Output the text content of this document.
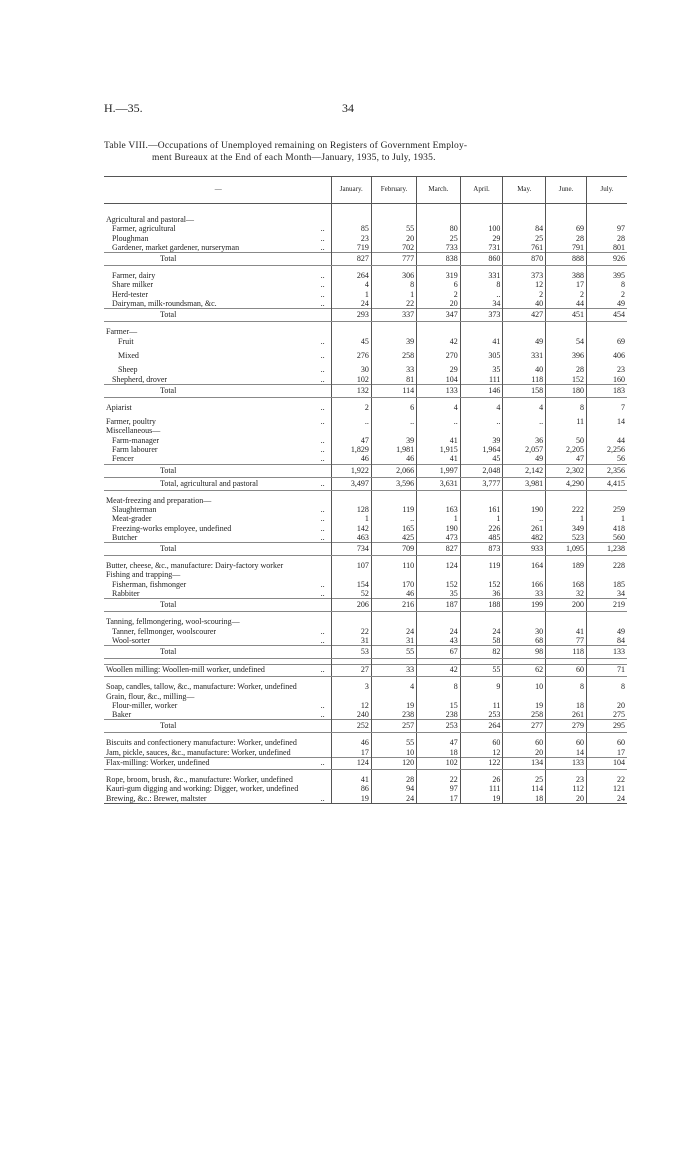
H.—35.	34
Table VIII.—Occupations of Unemployed remaining on Registers of Government Employ-
ment Bureaux at the End of each Month—January, 1935, to July, 1935.
—	January.	February.	March.	April.	May.	June.	July.

Agricultural and pastoral—							
Farmer, agricultural ..	85	55	80	100	84	69	97
Ploughman ..	23	20	25	29	25	28	28
Gardener, market gardener, nurseryman ..	719	702	733	731	761	791	801
Total	827	777	838	860	870	888	926

Farmer, dairy ..	264	306	319	331	373	388	395
Share milker ..	4	8	6	8	12	17	8
Herd-tester ..	1	1	2	..	2	2	2
Dairyman, milk-roundsman, &c. ..	24	22	20	34	40	44	49
Total	293	337	347	373	427	451	454

Farmer—							
Fruit ..	45	39	42	41	49	54	69

Mixed ..	276	258	270	305	331	396	406

Sheep ..	30	33	29	35	40	28	23
Shepherd, drover ..	102	81	104	111	118	152	160
Total	132	114	133	146	158	180	183

Apiarist ..	2	6	4	4	4	8	7

Farmer, poultry ..	..	..	..	..	..	11	14
Miscellaneous—							
Farm-manager ..	47	39	41	39	36	50	44
Farm labourer ..	1,829	1,981	1,915	1,964	2,057	2,205	2,256
Fencer ..	46	46	41	45	49	47	56
Total	1,922	2,066	1,997	2,048	2,142	2,302	2,356
Total, agricultural and pastoral ..	3,497	3,596	3,631	3,777	3,981	4,290	4,415

Meat-freezing and preparation—							
Slaughterman ..	128	119	163	161	190	222	259
Meat-grader ..	1	..	1	1	..	1	1
Freezing-works employee, undefined ..	142	165	190	226	261	349	418
Butcher ..	463	425	473	485	482	523	560
Total	734	709	827	873	933	1,095	1,238

Butter, cheese, &c., manufacture: Dairy-factory worker	107	110	124	119	164	189	228
Fishing and trapping—							
Fisherman, fishmonger ..	154	170	152	152	166	168	185
Rabbiter ..	52	46	35	36	33	32	34
Total	206	216	187	188	199	200	219

Tanning, fellmongering, wool-scouring—							
Tanner, fellmonger, woolscourer ..	22	24	24	24	30	41	49
Wool-sorter ..	31	31	43	58	68	77	84
Total	53	55	67	82	98	118	133

Woollen milling: Woollen-mill worker, undefined ..	27	33	42	55	62	60	71

Soap, candles, tallow, &c., manufacture: Worker, undefined	3	4	8	9	10	8	8
Grain, flour, &c., milling—							
Flour-miller, worker ..	12	19	15	11	19	18	20
Baker ..	240	238	238	253	258	261	275
Total	252	257	253	264	277	279	295

Biscuits and confectionery manufacture: Worker, undefined	46	55	47	60	60	60	60
Jam, pickle, sauces, &c., manufacture: Worker, undefined	17	10	18	12	20	14	17
Flax-milling: Worker, undefined ..	124	120	102	122	134	133	104

Rope, broom, brush, &c., manufacture: Worker, undefined	41	28	22	26	25	23	22
Kauri-gum digging and working: Digger, worker, undefined	86	94	97	111	114	112	121
Brewing, &c.: Brewer, maltster ..	19	24	17	19	18	20	24
